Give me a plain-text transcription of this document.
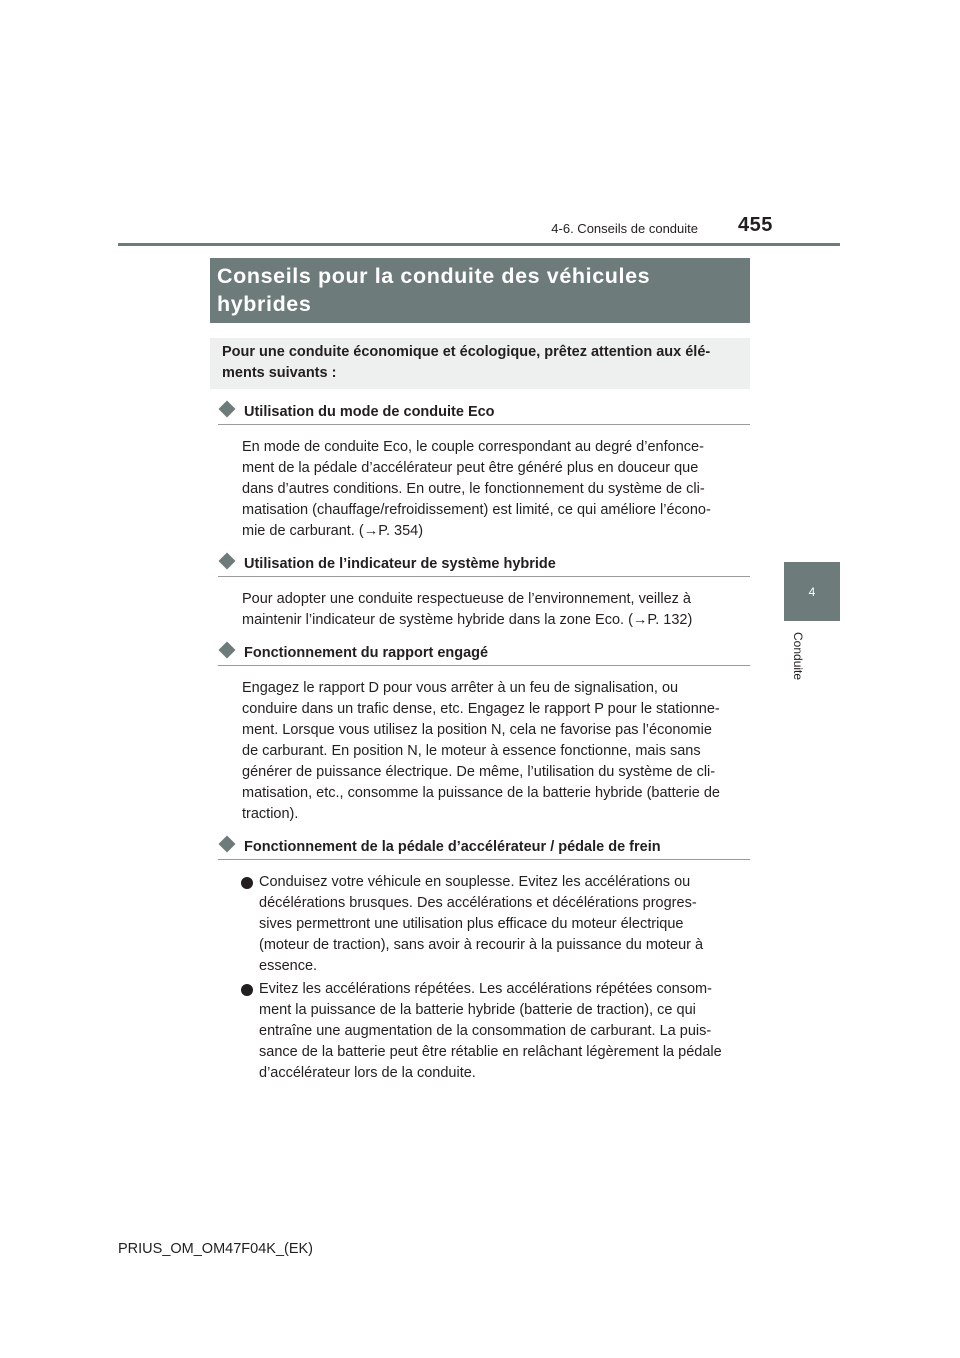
455
4-6. Conseils de conduite
4
Conduite
Conseils pour la conduite des véhicules
hybrides
Pour une conduite économique et écologique, prêtez attention aux élé-
ments suivants :
Utilisation du mode de conduite Eco
En mode de conduite Eco, le couple correspondant au degré d’enfonce-
ment de la pédale d’accélérateur peut être généré plus en douceur que
dans d’autres conditions. En outre, le fonctionnement du système de cli-
matisation (chauffage/refroidissement) est limité, ce qui améliore l’écono-
mie de carburant. (→P. 354)
Utilisation de l’indicateur de système hybride
Pour adopter une conduite respectueuse de l’environnement, veillez à
maintenir l’indicateur de système hybride dans la zone Eco. (→P. 132)
Fonctionnement du rapport engagé
Engagez le rapport D pour vous arrêter à un feu de signalisation, ou
conduire dans un trafic dense, etc. Engagez le rapport P pour le stationne-
ment. Lorsque vous utilisez la position N, cela ne favorise pas l’économie
de carburant. En position N, le moteur à essence fonctionne, mais sans
générer de puissance électrique. De même, l’utilisation du système de cli-
matisation, etc., consomme la puissance de la batterie hybride (batterie de
traction).
Fonctionnement de la pédale d’accélérateur / pédale de frein
Conduisez votre véhicule en souplesse. Evitez les accélérations ou
décélérations brusques. Des accélérations et décélérations progres-
sives permettront une utilisation plus efficace du moteur électrique
(moteur de traction), sans avoir à recourir à la puissance du moteur à
essence.
Evitez les accélérations répétées. Les accélérations répétées consom-
ment la puissance de la batterie hybride (batterie de traction), ce qui
entraîne une augmentation de la consommation de carburant. La puis-
sance de la batterie peut être rétablie en relâchant légèrement la pédale
d’accélérateur lors de la conduite.
PRIUS_OM_OM47F04K_(EK)
